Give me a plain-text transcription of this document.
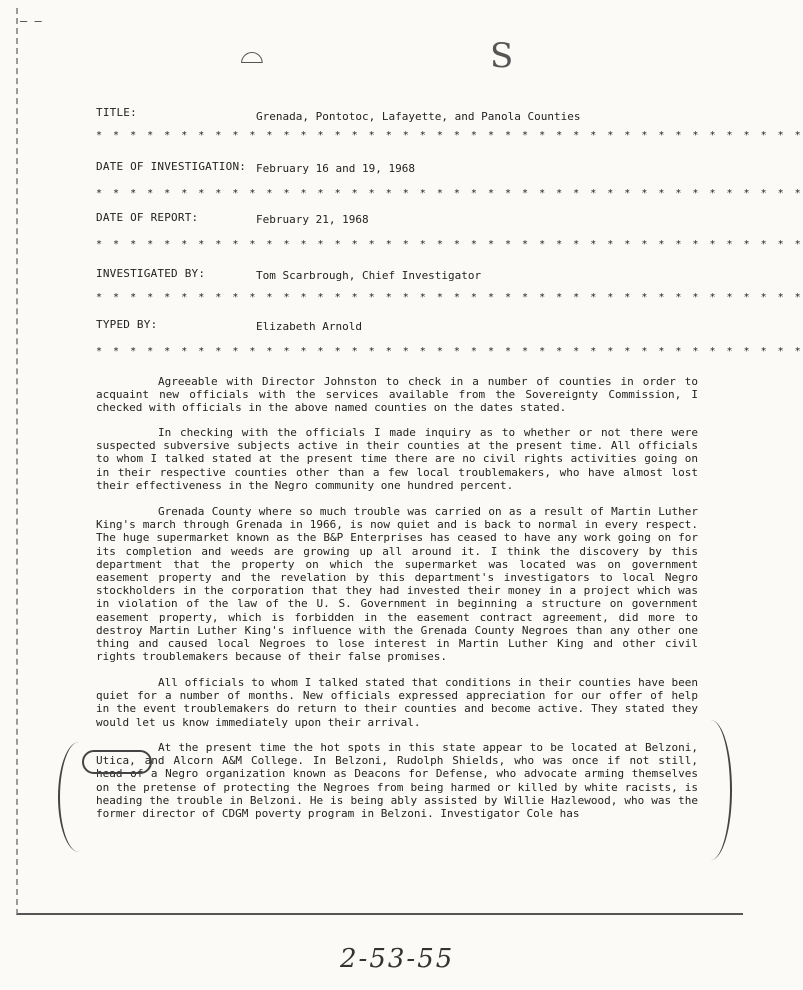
— ‒
⌓	S
TITLE:	Grenada, Pontotoc, Lafayette, and Panola Counties
* * * * * * * * * * * * * * * * * * * * * * * * * * * * * * * * * * * * * * * * * *
DATE OF INVESTIGATION: February 16 and 19, 1968
* * * * * * * * * * * * * * * * * * * * * * * * * * * * * * * * * * * * * * * * * *
DATE OF REPORT:	February 21, 1968
* * * * * * * * * * * * * * * * * * * * * * * * * * * * * * * * * * * * * * * * * *
INVESTIGATED BY:	Tom Scarbrough, Chief Investigator
* * * * * * * * * * * * * * * * * * * * * * * * * * * * * * * * * * * * * * * * * *
TYPED BY:	Elizabeth Arnold
* * * * * * * * * * * * * * * * * * * * * * * * * * * * * * * * * * * * * * * * * *
Agreeable with Director Johnston to check in a number of counties in order to acquaint new officials with the services available from the Sovereignty Commission, I checked with officials in the above named counties on the dates stated.
In checking with the officials I made inquiry as to whether or not there were suspected subversive subjects active in their counties at the present time. All officials to whom I talked stated at the present time there are no civil rights activities going on in their respective counties other than a few local troublemakers, who have almost lost their effectiveness in the Negro community one hundred percent.
Grenada County where so much trouble was carried on as a result of Martin Luther King's march through Grenada in 1966, is now quiet and is back to normal in every respect. The huge supermarket known as the B&P Enterprises has ceased to have any work going on for its completion and weeds are growing up all around it. I think the discovery by this department that the property on which the supermarket was located was on government easement property and the revelation by this department's investigators to local Negro stockholders in the corporation that they had invested their money in a project which was in violation of the law of the U. S. Government in beginning a structure on government easement property, which is forbidden in the easement contract agreement, did more to destroy Martin Luther King's influence with the Grenada County Negroes than any other one thing and caused local Negroes to lose interest in Martin Luther King and other civil rights troublemakers because of their false promises.
All officials to whom I talked stated that conditions in their counties have been quiet for a number of months. New officials expressed appreciation for our offer of help in the event troublemakers do return to their counties and become active. They stated they would let us know immediately upon their arrival.
At the present time the hot spots in this state appear to be located at Belzoni, Utica, and Alcorn A&M College. In Belzoni, Rudolph Shields, who was once if not still, head of a Negro organization known as Deacons for Defense, who advocate arming themselves on the pretense of protecting the Negroes from being harmed or killed by white racists, is heading the trouble in Belzoni. He is being ably assisted by Willie Hazlewood, who was the former director of CDGM poverty program in Belzoni. Investigator Cole has
2-53-55
